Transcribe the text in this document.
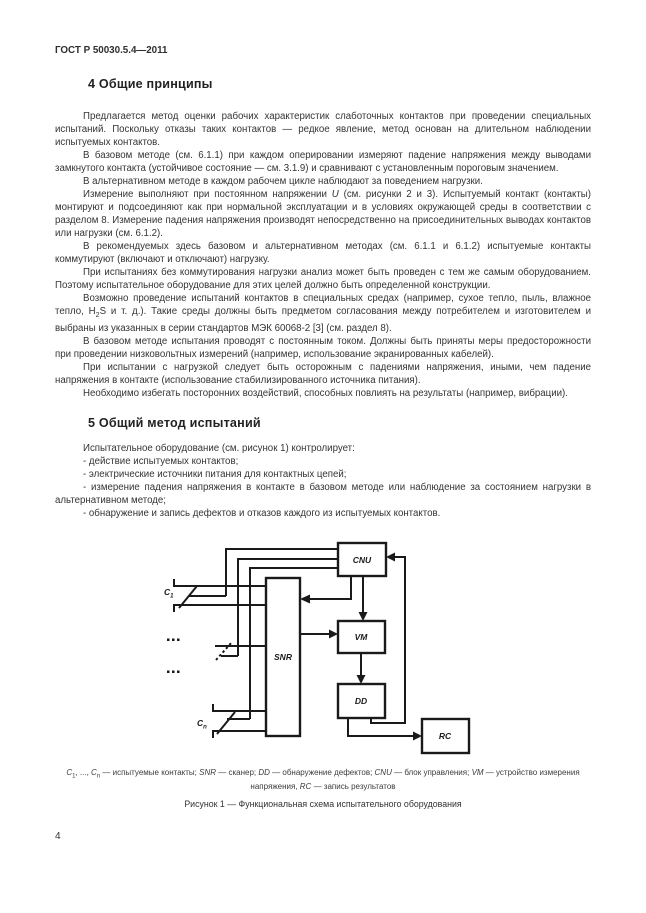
ГОСТ Р 50030.5.4—2011
4 Общие принципы

Предлагается метод оценки рабочих характеристик слаботочных контактов при проведении специальных испытаний. Поскольку отказы таких контактов — редкое явление, метод основан на длительном наблюдении испытуемых контактов.

В базовом методе (см. 6.1.1) при каждом оперировании измеряют падение напряжения между выводами замкнутого контакта (устойчивое состояние — см. 3.1.9) и сравнивают с установленным пороговым значением.

В альтернативном методе в каждом рабочем цикле наблюдают за поведением нагрузки.

Измерение выполняют при постоянном напряжении U (см. рисунки 2 и 3). Испытуемый контакт (контакты) монтируют и подсоединяют как при нормальной эксплуатации и в условиях окружающей среды в соответствии с разделом 8. Измерение падения напряжения производят непосредственно на присоединительных выводах контактов или нагрузки (см. 6.1.2).

В рекомендуемых здесь базовом и альтернативном методах (см. 6.1.1 и 6.1.2) испытуемые контакты коммутируют (включают и отключают) нагрузку.

При испытаниях без коммутирования нагрузки анализ может быть проведен с тем же самым оборудованием. Поэтому испытательное оборудование для этих целей должно быть определенной конструкции.

Возможно проведение испытаний контактов в специальных средах (например, сухое тепло, пыль, влажное тепло, $H_2S$ и т. д.). Такие среды должны быть предметом согласования между потребителем и изготовителем и выбраны из указанных в серии стандартов МЭК 60068-2 [3] (см. раздел 8).

В базовом методе испытания проводят с постоянным током. Должны быть приняты меры предосторожности при проведении низковольтных измерений (например, использование экранированных кабелей).

При испытании с нагрузкой следует быть осторожным с падениями напряжения, иными, чем падение напряжения в контакте (использование стабилизированного источника питания).

Необходимо избегать посторонних воздействий, способных повлиять на результаты (например, вибрации).

5 Общий метод испытаний

Испытательное оборудование (см. рисунок 1) контролирует:

- действие испытуемых контактов;

- электрические источники питания для контактных цепей;

- измерение падения напряжения в контакте в базовом методе или наблюдение за состоянием нагрузки в альтернативном методе;

- обнаружение и запись дефектов и отказов каждого из испытуемых контактов.

CNU
SNR
VM
DD
RC
$C_1$
$C_n$
$C_1$, ..., $C_n$ — испытуемые контакты; SNR — сканер; DD — обнаружение дефектов; CNU — блок управления; VM — устройство измерения напряжения, RC — запись результатов
Рисунок 1 — Функциональная схема испытательного оборудования
4
